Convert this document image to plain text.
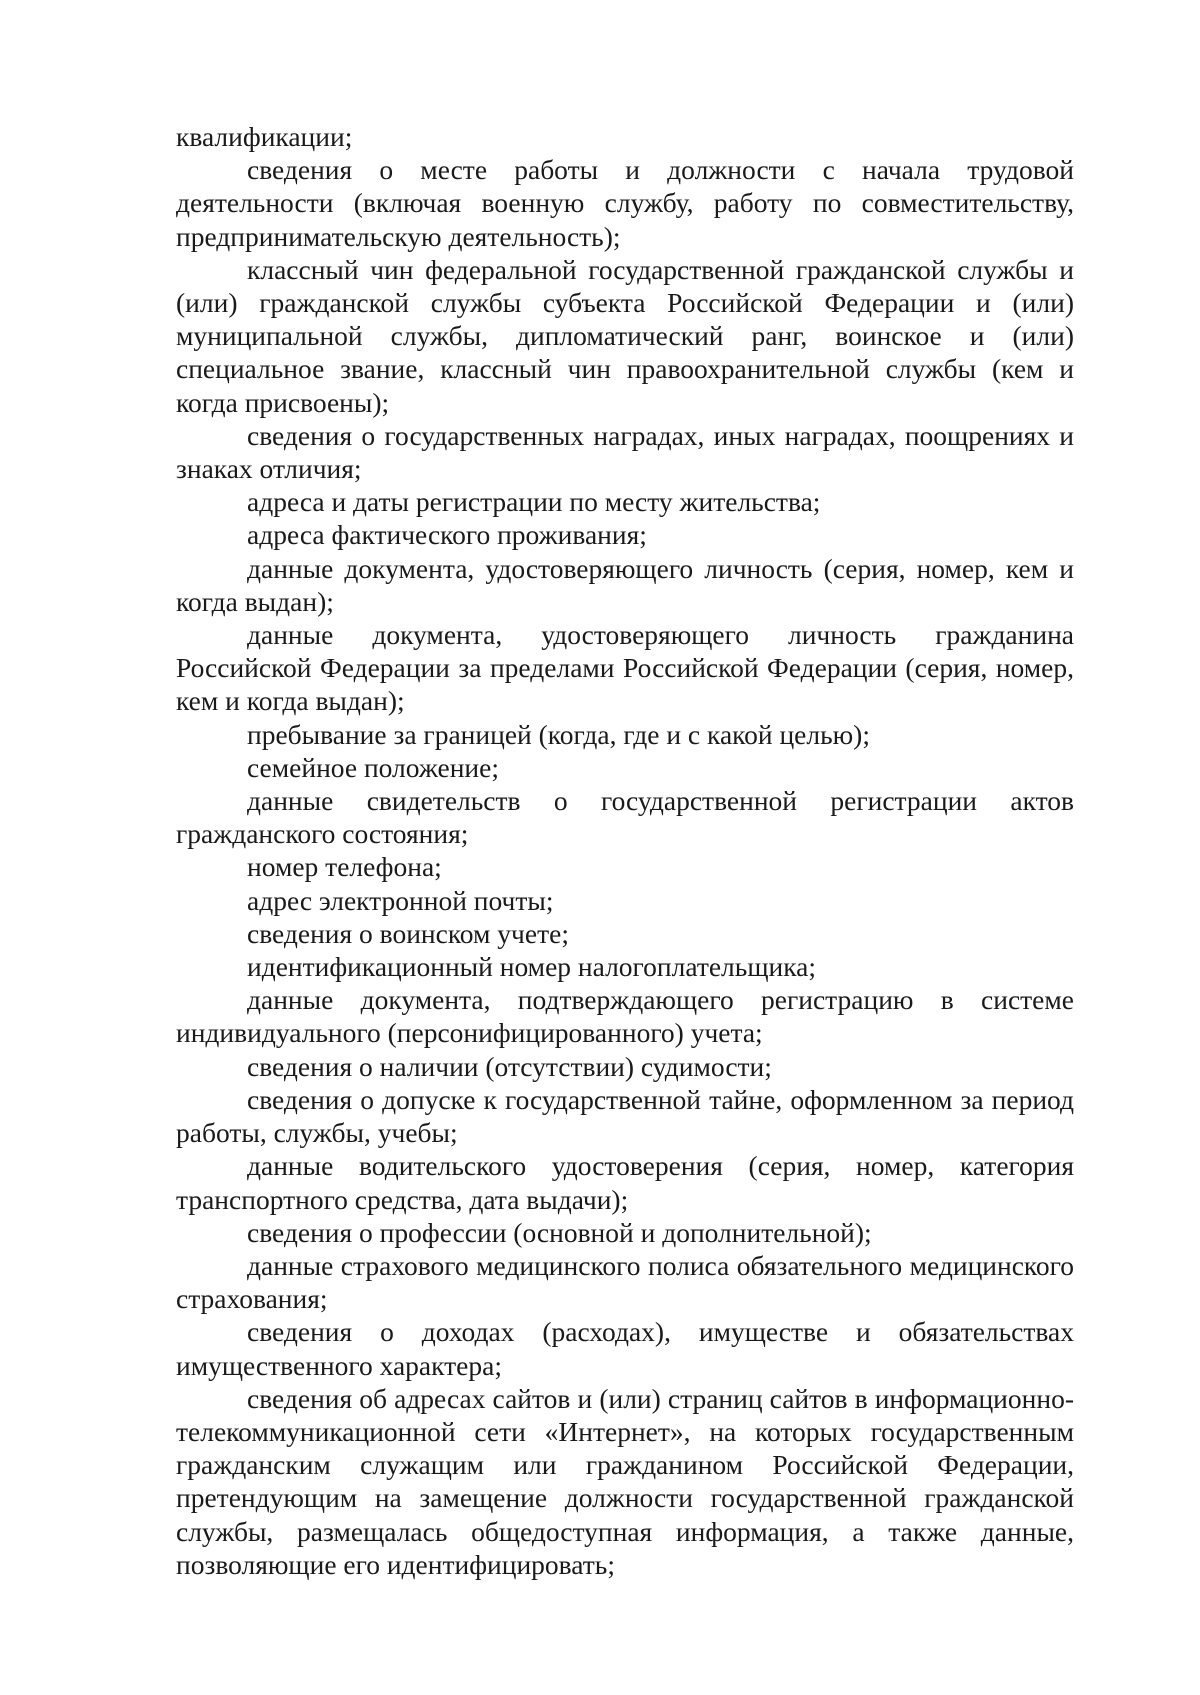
квалификации;

сведения о месте работы и должности с начала трудовой деятельности (включая военную службу, работу по совместительству, предпринимательскую деятельность);

классный чин федеральной государственной гражданской службы и (или) гражданской службы субъекта Российской Федерации и (или) муниципальной службы, дипломатический ранг, воинское и (или) специальное звание, классный чин правоохранительной службы (кем и когда присвоены);

сведения о государственных наградах, иных наградах, поощрениях и знаках отличия;

адреса и даты регистрации по месту жительства;

адреса фактического проживания;

данные документа, удостоверяющего личность (серия, номер, кем и когда выдан);

данные документа, удостоверяющего личность гражданина Российской Федерации за пределами Российской Федерации (серия, номер, кем и когда выдан);

пребывание за границей (когда, где и с какой целью);

семейное положение;

данные свидетельств о государственной регистрации актов гражданского состояния;

номер телефона;

адрес электронной почты;

сведения о воинском учете;

идентификационный номер налогоплательщика;

данные документа, подтверждающего регистрацию в системе индивидуального (персонифицированного) учета;

сведения о наличии (отсутствии) судимости;

сведения о допуске к государственной тайне, оформленном за период работы, службы, учебы;

данные водительского удостоверения (серия, номер, категория транспортного средства, дата выдачи);

сведения о профессии (основной и дополнительной);

данные страхового медицинского полиса обязательного медицинского страхования;

сведения о доходах (расходах), имуществе и обязательствах имущественного характера;

сведения об адресах сайтов и (или) страниц сайтов в информационно-телекоммуникационной сети «Интернет», на которых государственным гражданским служащим или гражданином Российской Федерации, претендующим на замещение должности государственной гражданской службы, размещалась общедоступная информация, а также данные, позволяющие его идентифицировать;
